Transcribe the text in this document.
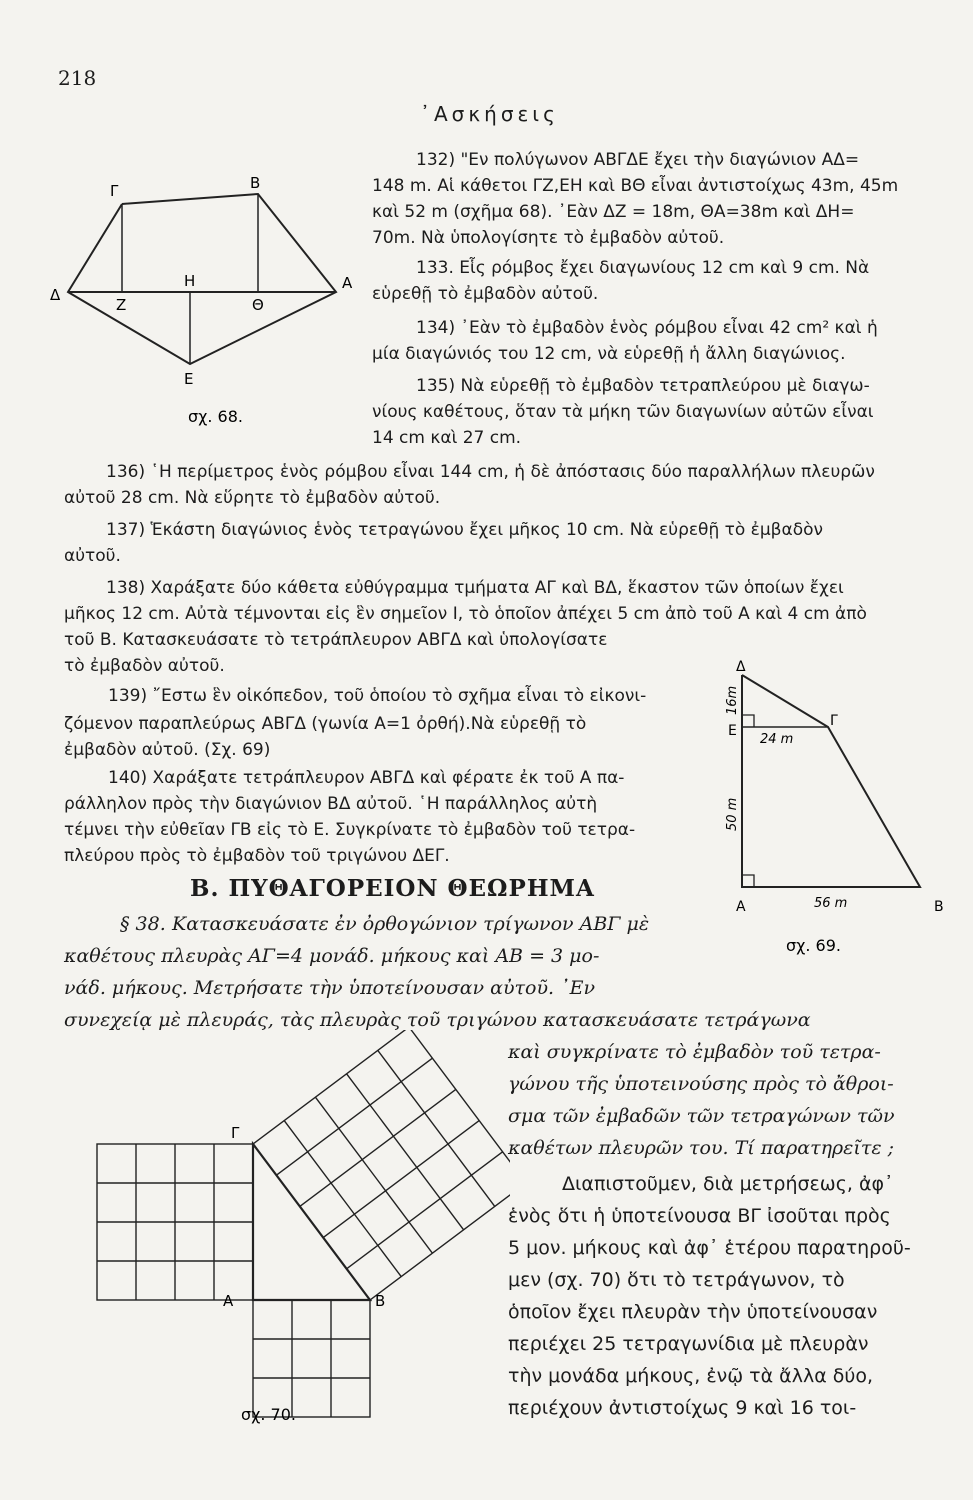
218
᾿Ασκήσεις
Γ	Β
Δ
Ζ
Η
Θ
Α
Ε
σχ. 68.
132) "Εν πολύγωνον ΑΒΓΔΕ ἔχει τὴν διαγώνιον ΑΔ=
148 m. Αἱ κάθετοι ΓΖ,ΕΗ καὶ ΒΘ εἶναι ἀντιστοίχως 43m, 45m
καὶ 52 m (σχῆμα 68). ᾿Εὰν ΔΖ = 18m, ΘΑ=38m καὶ ΔΗ=
70m. Νὰ ὑπολογίσητε τὸ ἐμβαδὸν αὐτοῦ.
133. Εἷς ρόμβος ἔχει διαγωνίους 12 cm καὶ 9 cm. Νὰ
εὑρεθῇ τὸ ἐμβαδὸν αὐτοῦ.
134) ᾿Εὰν τὸ ἐμβαδὸν ἑνὸς ρόμβου εἶναι 42 cm² καὶ ἡ
μία διαγώνιός του 12 cm, νὰ εὑρεθῇ ἡ ἄλλη διαγώνιος.
135) Νὰ εὑρεθῇ τὸ ἐμβαδὸν τετραπλεύρου μὲ διαγω-
νίους καθέτους, ὅταν τὰ μήκη τῶν διαγωνίων αὐτῶν εἶναι
14 cm καὶ 27 cm.
136) ῾Η περίμετρος ἑνὸς ρόμβου εἶναι 144 cm, ἡ δὲ ἀπόστασις δύο παραλλήλων πλευρῶν
αὐτοῦ 28 cm. Νὰ εὕρητε τὸ ἐμβαδὸν αὐτοῦ.
137) Ἑκάστη διαγώνιος ἑνὸς τετραγώνου ἔχει μῆκος 10 cm. Νὰ εὑρεθῇ τὸ ἐμβαδὸν
αὐτοῦ.
138) Χαράξατε δύο κάθετα εὐθύγραμμα τμήματα ΑΓ καὶ ΒΔ, ἕκαστον τῶν ὁποίων ἔχει
μῆκος 12 cm. Αὐτὰ τέμνονται εἰς ἓν σημεῖον Ι, τὸ ὁποῖον ἀπέχει 5 cm ἀπὸ τοῦ Α καὶ 4 cm ἀπὸ
τοῦ Β. Κατασκευάσατε τὸ τετράπλευρον ΑΒΓΔ καὶ ὑπολογίσατε
τὸ ἐμβαδὸν αὐτοῦ.
139) ῎Εστω ἓν οἰκόπεδον, τοῦ ὁποίου τὸ σχῆμα εἶναι τὸ εἰκονι-
ζόμενον παραπλεύρως ΑΒΓΔ (γωνία Α=1 ὀρθή).Νὰ εὑρεθῇ τὸ
ἐμβαδὸν αὐτοῦ. (Σχ. 69)
140) Χαράξατε τετράπλευρον ΑΒΓΔ καὶ φέρατε ἐκ τοῦ Α πα-
ράλληλον πρὸς τὴν διαγώνιον ΒΔ αὐτοῦ. ῾Η παράλληλος αὐτὴ
τέμνει τὴν εὐθεῖαν ΓΒ εἰς τὸ Ε. Συγκρίνατε τὸ ἐμβαδὸν τοῦ τετρα-
πλεύρου πρὸς τὸ ἐμβαδὸν τοῦ τριγώνου ΔΕΓ.
Δ
Γ
Ε
Α	Β
16m
24 m
50 m
56 m
σχ. 69.
Β. ΠΥΘΑΓΟΡΕΙΟΝ ΘΕΩΡΗΜΑ
§ 38. Κατασκευάσατε ἐν ὀρθογώνιον τρίγωνον ΑΒΓ μὲ
καθέτους πλευρὰς ΑΓ=4 μονάδ. μήκους καὶ ΑΒ = 3 μο-
νάδ. μήκους. Μετρήσατε τὴν ὑποτείνουσαν αὐτοῦ. ᾿Εν
συνεχείᾳ μὲ πλευράς, τὰς πλευρὰς τοῦ τριγώνου κατασκευάσατε τετράγωνα
καὶ συγκρίνατε τὸ ἐμβαδὸν τοῦ τετρα-
γώνου τῆς ὑποτεινούσης πρὸς τὸ ἄθροι-
σμα τῶν ἐμβαδῶν τῶν τετραγώνων τῶν
καθέτων πλευρῶν του. Τί παρατηρεῖτε ;
Διαπιστοῦμεν, διὰ μετρήσεως, ἀφ᾿
ἑνὸς ὅτι ἡ ὑποτείνουσα ΒΓ ἰσοῦται πρὸς
5 μον. μήκους καὶ ἀφ᾿ ἑτέρου παρατηροῦ-
μεν (σχ. 70) ὅτι τὸ τετράγωνον, τὸ
ὁποῖον ἔχει πλευρὰν τὴν ὑποτείνουσαν
περιέχει 25 τετραγωνίδια μὲ πλευρὰν
τὴν μονάδα μήκους, ἐνῷ τὰ ἄλλα δύο,
περιέχουν ἀντιστοίχως 9 καὶ 16 τοι-
Γ
Α	Β
σχ. 70.
